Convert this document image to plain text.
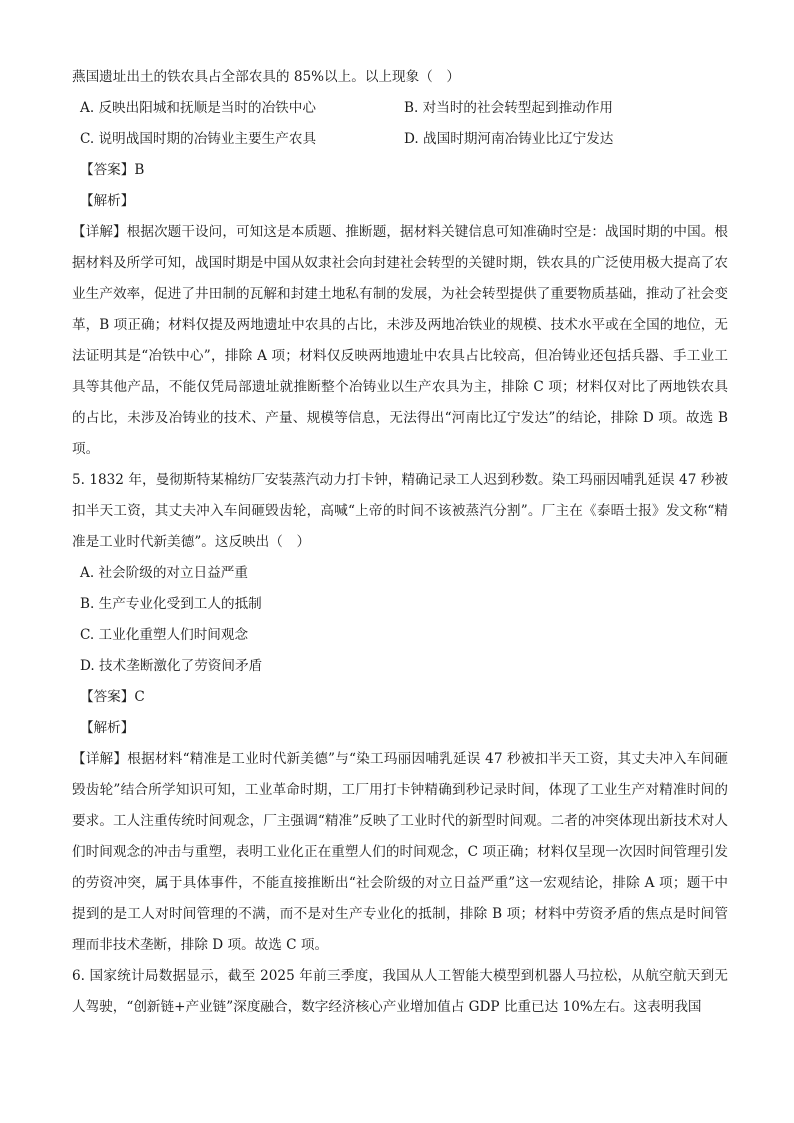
燕国遗址出土的铁农具占全部农具的 85%以上。以上现象（　）
A. 反映出阳城和抚顺是当时的冶铁中心	B. 对当时的社会转型起到推动作用
C. 说明战国时期的冶铸业主要生产农具	D. 战国时期河南冶铸业比辽宁发达
【答案】B
【解析】
【详解】根据次题干设问，可知这是本质题、推断题，据材料关键信息可知准确时空是：战国时期的中国。根据材料及所学可知，战国时期是中国从奴隶社会向封建社会转型的关键时期，铁农具的广泛使用极大提高了农业生产效率，促进了井田制的瓦解和封建土地私有制的发展，为社会转型提供了重要物质基础，推动了社会变革，B 项正确；材料仅提及两地遗址中农具的占比，未涉及两地冶铁业的规模、技术水平或在全国的地位，无法证明其是“冶铁中心”，排除 A 项；材料仅反映两地遗址中农具占比较高，但冶铸业还包括兵器、手工业工具等其他产品，不能仅凭局部遗址就推断整个冶铸业以生产农具为主，排除 C 项；材料仅对比了两地铁农具的占比，未涉及冶铸业的技术、产量、规模等信息，无法得出“河南比辽宁发达”的结论，排除 D 项。故选 B 项。
5. 1832 年，曼彻斯特某棉纺厂安装蒸汽动力打卡钟，精确记录工人迟到秒数。染工玛丽因哺乳延误 47 秒被扣半天工资，其丈夫冲入车间砸毁齿轮，高喊“上帝的时间不该被蒸汽分割”。厂主在《泰晤士报》发文称“精准是工业时代新美德”。这反映出（　）
A. 社会阶级的对立日益严重
B. 生产专业化受到工人的抵制
C. 工业化重塑人们时间观念
D. 技术垄断激化了劳资间矛盾
【答案】C
【解析】
【详解】根据材料“精准是工业时代新美德”与“染工玛丽因哺乳延误 47 秒被扣半天工资，其丈夫冲入车间砸毁齿轮”结合所学知识可知，工业革命时期，工厂用打卡钟精确到秒记录时间，体现了工业生产对精准时间的要求。工人注重传统时间观念，厂主强调“精准”反映了工业时代的新型时间观。二者的冲突体现出新技术对人们时间观念的冲击与重塑，表明工业化正在重塑人们的时间观念，C 项正确；材料仅呈现一次因时间管理引发的劳资冲突，属于具体事件，不能直接推断出“社会阶级的对立日益严重”这一宏观结论，排除 A 项；题干中提到的是工人对时间管理的不满，而不是对生产专业化的抵制，排除 B 项；材料中劳资矛盾的焦点是时间管理而非技术垄断，排除 D 项。故选 C 项。
6. 国家统计局数据显示，截至 2025 年前三季度，我国从人工智能大模型到机器人马拉松，从航空航天到无人驾驶，“创新链+产业链”深度融合，数字经济核心产业增加值占 GDP 比重已达 10%左右。这表明我国
